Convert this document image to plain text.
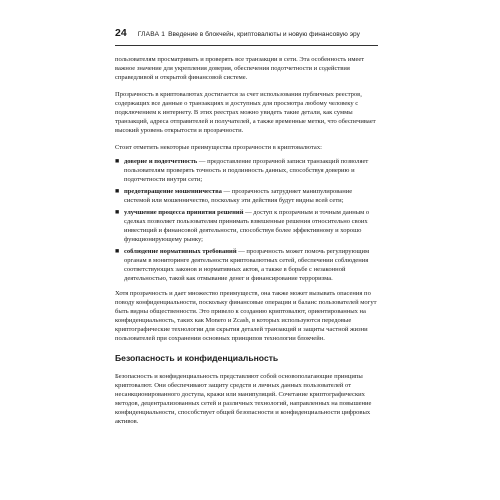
24 ГЛАВА 1 Введение в блокчейн, криптовалюты и новую финансовую эру

пользователям просматривать и проверять все транзакции в сети. Эта особенность имеет важное значение для укрепления доверия, обеспечения подотчетности и содействия справедливой и открытой финансовой системе.

Прозрачность в криптовалютах достигается за счет использования публичных реестров, содержащих все данные о транзакциях и доступных для просмотра любому человеку с подключением к интернету. В этих реестрах можно увидеть такие детали, как суммы транзакций, адреса отправителей и получателей, а также временные метки, что обеспечивает высокий уровень открытости и прозрачности.

Стоит отметить некоторые преимущества прозрачности в криптовалютах:

■ доверие и подотчетность — предоставление прозрачной записи транзакций позволяет пользователям проверять точность и подлинность данных, способствуя доверию и подотчетности внутри сети;
■ предотвращение мошенничества — прозрачность затрудняет манипулирование системой или мошенничество, поскольку эти действия будут видны всей сети;
■ улучшение процесса принятия решений — доступ к прозрачным и точным данным о сделках позволяет пользователям принимать взвешенные решения относительно своих инвестиций и финансовой деятельности, способствуя более эффективному и хорошо функционирующему рынку;
■ соблюдение нормативных требований — прозрачность может помочь регулирующим органам в мониторинге деятельности криптовалютных сетей, обеспечении соблюдения соответствующих законов и нормативных актов, а также в борьбе с незаконной деятельностью, такой как отмывание денег и финансирование терроризма.

Хотя прозрачность и дает множество преимуществ, она также может вызывать опасения по поводу конфиденциальности, поскольку финансовые операции и баланс пользователей могут быть видны общественности. Это привело к созданию криптовалют, ориентированных на конфиденциальность, таких как Monero и Zcash, в которых используются передовые криптографические технологии для скрытия деталей транзакций и защиты частной жизни пользователей при сохранении основных принципов технологии блокчейн.

Безопасность и конфиденциальность

Безопасность и конфиденциальность представляют собой основополагающие принципы криптовалют. Они обеспечивают защиту средств и личных данных пользователей от несанкционированного доступа, кражи или манипуляций. Сочетание криптографических методов, децентрализованных сетей и различных технологий, направленных на повышение конфиденциальности, способствует общей безопасности и конфиденциальности цифровых активов.
